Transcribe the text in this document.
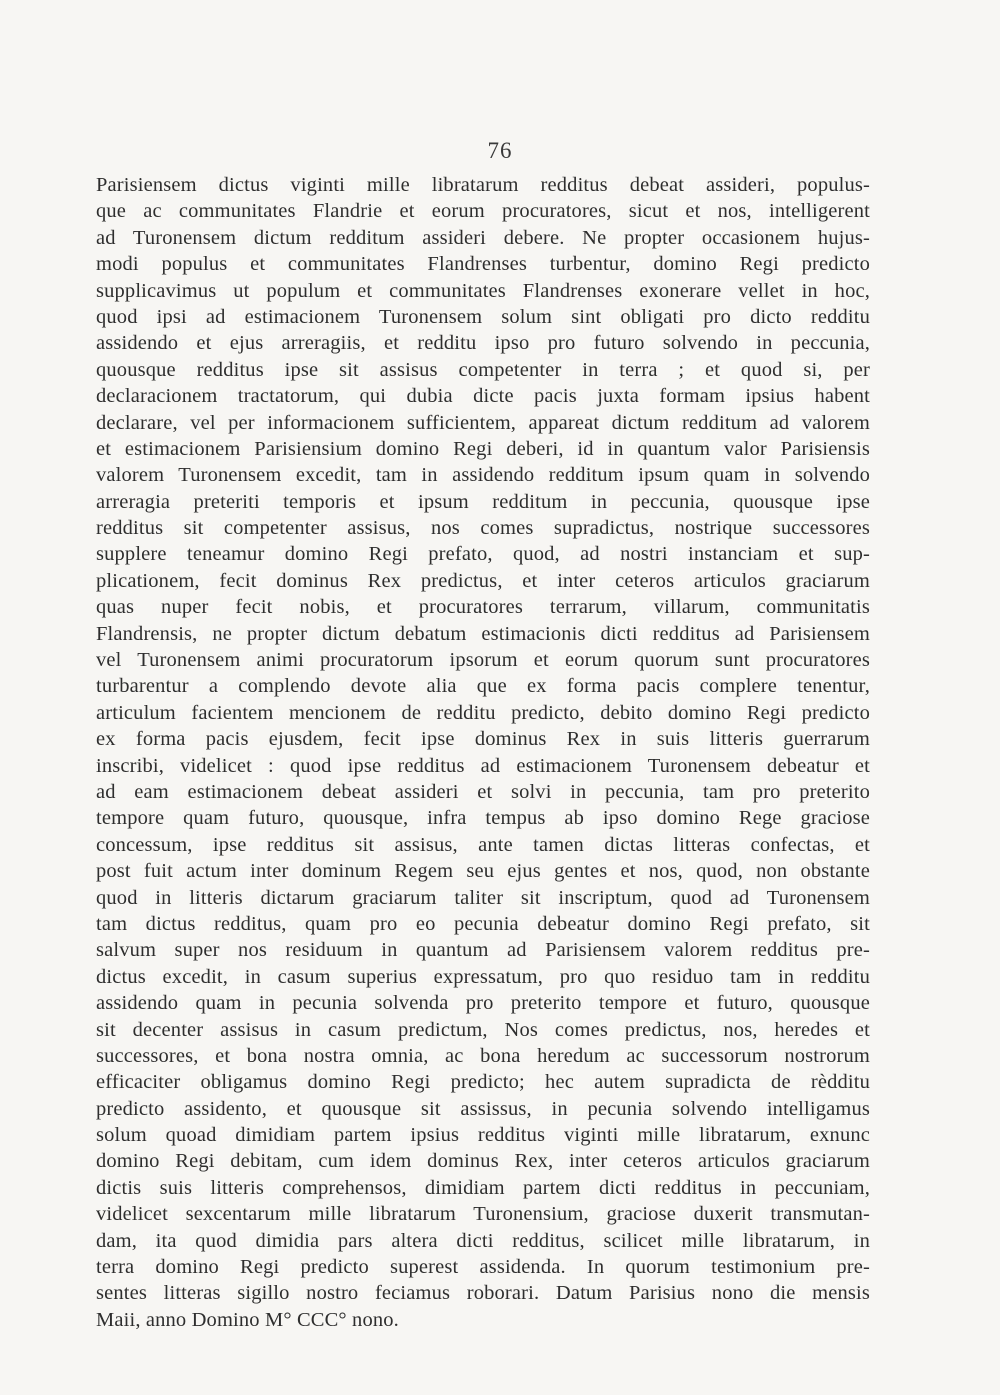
76
Parisiensem dictus viginti mille libratarum redditus debeat assideri, populus-
que ac communitates Flandrie et eorum procuratores, sicut et nos, intelligerent
ad Turonensem dictum redditum assideri debere. Ne propter occasionem hujus-
modi populus et communitates Flandrenses turbentur, domino Regi predicto
supplicavimus ut populum et communitates Flandrenses exonerare vellet in hoc,
quod ipsi ad estimacionem Turonensem solum sint obligati pro dicto redditu
assidendo et ejus arreragiis, et redditu ipso pro futuro solvendo in peccunia,
quousque redditus ipse sit assisus competenter in terra ; et quod si, per
declaracionem tractatorum, qui dubia dicte pacis juxta formam ipsius habent
declarare, vel per informacionem sufficientem, appareat dictum redditum ad valorem
et estimacionem Parisiensium domino Regi deberi, id in quantum valor Parisiensis
valorem Turonensem excedit, tam in assidendo redditum ipsum quam in solvendo
arreragia preteriti temporis et ipsum redditum in peccunia, quousque ipse
redditus sit competenter assisus, nos comes supradictus, nostrique successores
supplere teneamur domino Regi prefato, quod, ad nostri instanciam et sup-
plicationem, fecit dominus Rex predictus, et inter ceteros articulos graciarum
quas nuper fecit nobis, et procuratores terrarum, villarum, communitatis
Flandrensis, ne propter dictum debatum estimacionis dicti redditus ad Parisiensem
vel Turonensem animi procuratorum ipsorum et eorum quorum sunt procuratores
turbarentur a complendo devote alia que ex forma pacis complere tenentur,
articulum facientem mencionem de redditu predicto, debito domino Regi predicto
ex forma pacis ejusdem, fecit ipse dominus Rex in suis litteris guerrarum
inscribi, videlicet : quod ipse redditus ad estimacionem Turonensem debeatur et
ad eam estimacionem debeat assideri et solvi in peccunia, tam pro preterito
tempore quam futuro, quousque, infra tempus ab ipso domino Rege graciose
concessum, ipse redditus sit assisus, ante tamen dictas litteras confectas, et
post fuit actum inter dominum Regem seu ejus gentes et nos, quod, non obstante
quod in litteris dictarum graciarum taliter sit inscriptum, quod ad Turonensem
tam dictus redditus, quam pro eo pecunia debeatur domino Regi prefato, sit
salvum super nos residuum in quantum ad Parisiensem valorem redditus pre-
dictus excedit, in casum superius expressatum, pro quo residuo tam in redditu
assidendo quam in pecunia solvenda pro preterito tempore et futuro, quousque
sit decenter assisus in casum predictum, Nos comes predictus, nos, heredes et
successores, et bona nostra omnia, ac bona heredum ac successorum nostrorum
efficaciter obligamus domino Regi predicto; hec autem supradicta de rèdditu
predicto assidento, et quousque sit assissus, in pecunia solvendo intelligamus
solum quoad dimidiam partem ipsius redditus viginti mille libratarum, exnunc
domino Regi debitam, cum idem dominus Rex, inter ceteros articulos graciarum
dictis suis litteris comprehensos, dimidiam partem dicti redditus in peccuniam,
videlicet sexcentarum mille libratarum Turonensium, graciose duxerit transmutan-
dam, ita quod dimidia pars altera dicti redditus, scilicet mille libratarum, in
terra domino Regi predicto superest assidenda. In quorum testimonium pre-
sentes litteras sigillo nostro feciamus roborari. Datum Parisius nono die mensis
Maii, anno Domino M° CCC° nono.
